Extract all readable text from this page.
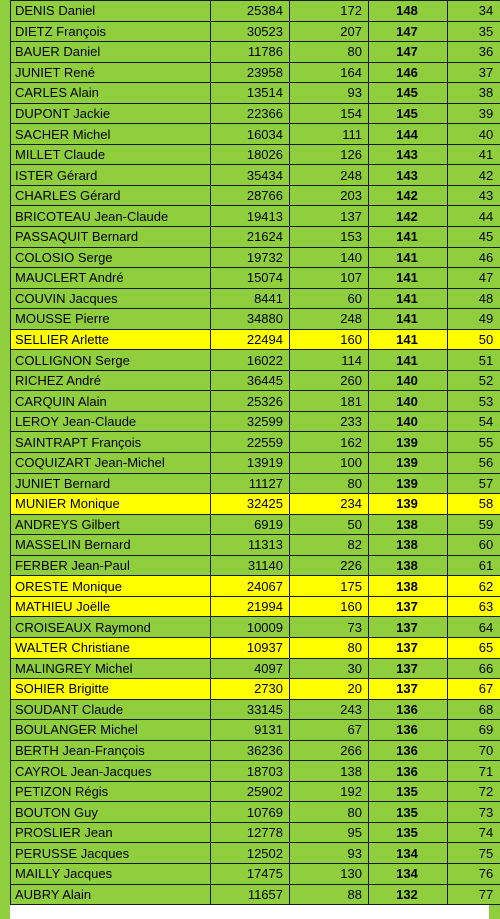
DENIS Daniel	25384	172	148	34
DIETZ François	30523	207	147	35
BAUER Daniel	11786	80	147	36
JUNIET René	23958	164	146	37
CARLES Alain	13514	93	145	38
DUPONT Jackie	22366	154	145	39
SACHER Michel	16034	111	144	40
MILLET Claude	18026	126	143	41
ISTER Gérard	35434	248	143	42
CHARLES Gérard	28766	203	142	43
BRICOTEAU Jean-Claude	19413	137	142	44
PASSAQUIT Bernard	21624	153	141	45
COLOSIO Serge	19732	140	141	46
MAUCLERT André	15074	107	141	47
COUVIN Jacques	8441	60	141	48
MOUSSE Pierre	34880	248	141	49
SELLIER Arlette	22494	160	141	50
COLLIGNON Serge	16022	114	141	51
RICHEZ André	36445	260	140	52
CARQUIN Alain	25326	181	140	53
LEROY Jean-Claude	32599	233	140	54
SAINTRAPT François	22559	162	139	55
COQUIZART Jean-Michel	13919	100	139	56
JUNIET Bernard	11127	80	139	57
MUNIER Monique	32425	234	139	58
ANDREYS Gilbert	6919	50	138	59
MASSELIN Bernard	11313	82	138	60
FERBER Jean-Paul	31140	226	138	61
ORESTE Monique	24067	175	138	62
MATHIEU Joëlle	21994	160	137	63
CROISEAUX Raymond	10009	73	137	64
WALTER Christiane	10937	80	137	65
MALINGREY Michel	4097	30	137	66
SOHIER Brigitte	2730	20	137	67
SOUDANT Claude	33145	243	136	68
BOULANGER Michel	9131	67	136	69
BERTH Jean-François	36236	266	136	70
CAYROL Jean-Jacques	18703	138	136	71
PETIZON Régis	25902	192	135	72
BOUTON Guy	10769	80	135	73
PROSLIER Jean	12778	95	135	74
PERUSSE Jacques	12502	93	134	75
MAILLY Jacques	17475	130	134	76
AUBRY Alain	11657	88	132	77
